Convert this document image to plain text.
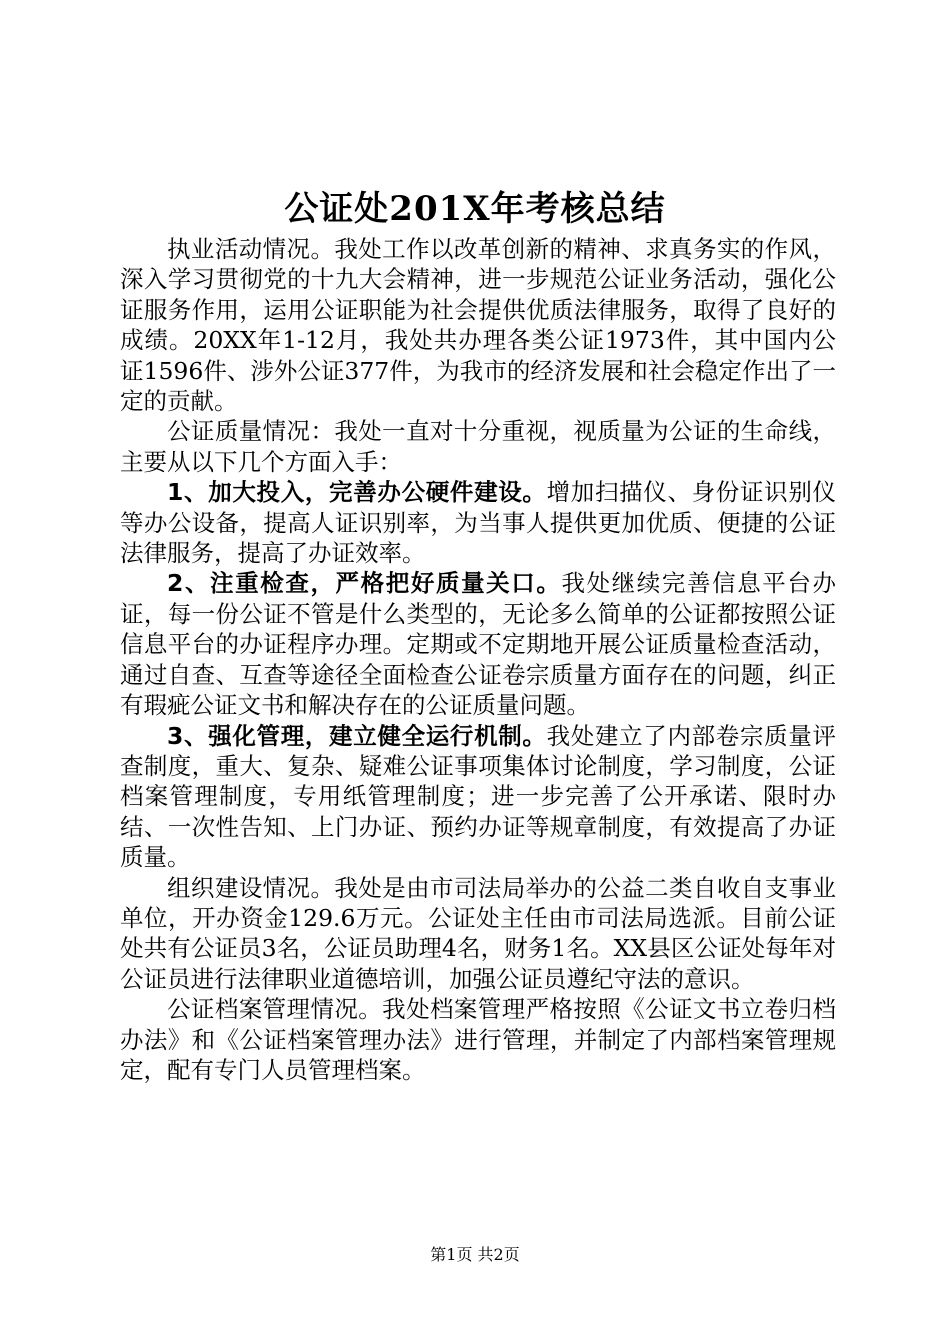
公证处201X年考核总结

执业活动情况。我处工作以改革创新的精神、求真务实的作风，深入学习贯彻党的十九大会精神，进一步规范公证业务活动，强化公证服务作用，运用公证职能为社会提供优质法律服务，取得了良好的成绩。20XX年1-12月，我处共办理各类公证1973件，其中国内公证1596件、涉外公证377件，为我市的经济发展和社会稳定作出了一定的贡献。

公证质量情况：我处一直对十分重视，视质量为公证的生命线，主要从以下几个方面入手：

1、加大投入，完善办公硬件建设。增加扫描仪、身份证识别仪等办公设备，提高人证识别率，为当事人提供更加优质、便捷的公证法律服务，提高了办证效率。

2、注重检查，严格把好质量关口。我处继续完善信息平台办证，每一份公证不管是什么类型的，无论多么简单的公证都按照公证信息平台的办证程序办理。定期或不定期地开展公证质量检查活动，通过自查、互查等途径全面检查公证卷宗质量方面存在的问题，纠正有瑕疵公证文书和解决存在的公证质量问题。

3、强化管理，建立健全运行机制。我处建立了内部卷宗质量评查制度，重大、复杂、疑难公证事项集体讨论制度，学习制度，公证档案管理制度，专用纸管理制度；进一步完善了公开承诺、限时办结、一次性告知、上门办证、预约办证等规章制度，有效提高了办证质量。

组织建设情况。我处是由市司法局举办的公益二类自收自支事业单位，开办资金129.6万元。公证处主任由市司法局选派。目前公证处共有公证员3名，公证员助理4名，财务1名。XX县区公证处每年对公证员进行法律职业道德培训，加强公证员遵纪守法的意识。

公证档案管理情况。我处档案管理严格按照《公证文书立卷归档办法》和《公证档案管理办法》进行管理，并制定了内部档案管理规定，配有专门人员管理档案。

第1页 共2页
